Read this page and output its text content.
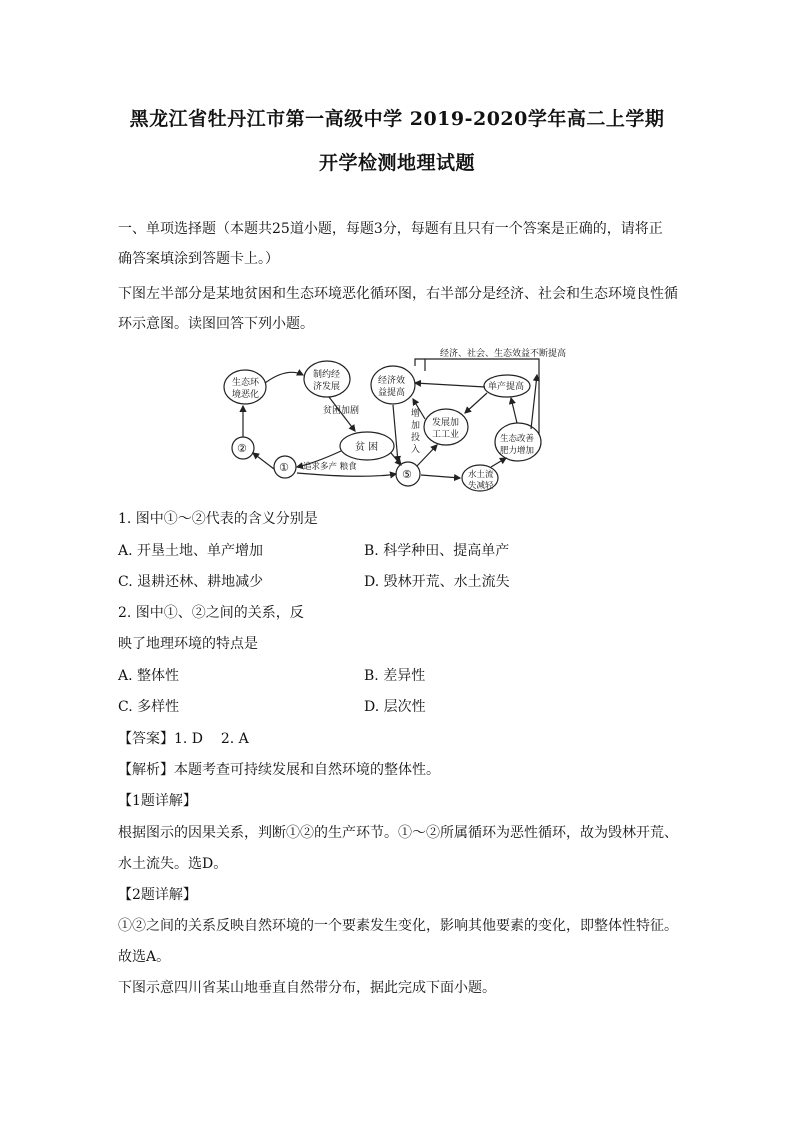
黑龙江省牡丹江市第一高级中学 2019-2020学年高二上学期
开学检测地理试题
一、单项选择题（本题共25道小题，每题3分，每题有且只有一个答案是正确的，请将正
确答案填涂到答题卡上。）
下图左半部分是某地贫困和生态环境恶化循环图，右半部分是经济、社会和生态环境良性循
环示意图。读图回答下列小题。
经济、社会、生态效益不断提高
生态环
境恶化
制约经
济发展
贫困加剧
贫 困
②
① 追求多产 粮食
经济效
益提高
增
加
投
入
发展加
工工业
单产提高
生态改善
肥力增加
⑤	水土流
失减轻
1. 图中①～②代表的含义分别是
A. 开垦土地、单产增加	B. 科学种田、提高单产
C. 退耕还林、耕地减少	D. 毁林开荒、水土流失
2. 图中①、②之间的关系，反
映了地理环境的特点是
A. 整体性	B. 差异性
C. 多样性	D. 层次性
【答案】1. D    2. A
【解析】本题考查可持续发展和自然环境的整体性。
【1题详解】
根据图示的因果关系，判断①②的生产环节。①～②所属循环为恶性循环，故为毁林开荒、
水土流失。选D。
【2题详解】
①②之间的关系反映自然环境的一个要素发生变化，影响其他要素的变化，即整体性特征。
故选A。
下图示意四川省某山地垂直自然带分布，据此完成下面小题。
